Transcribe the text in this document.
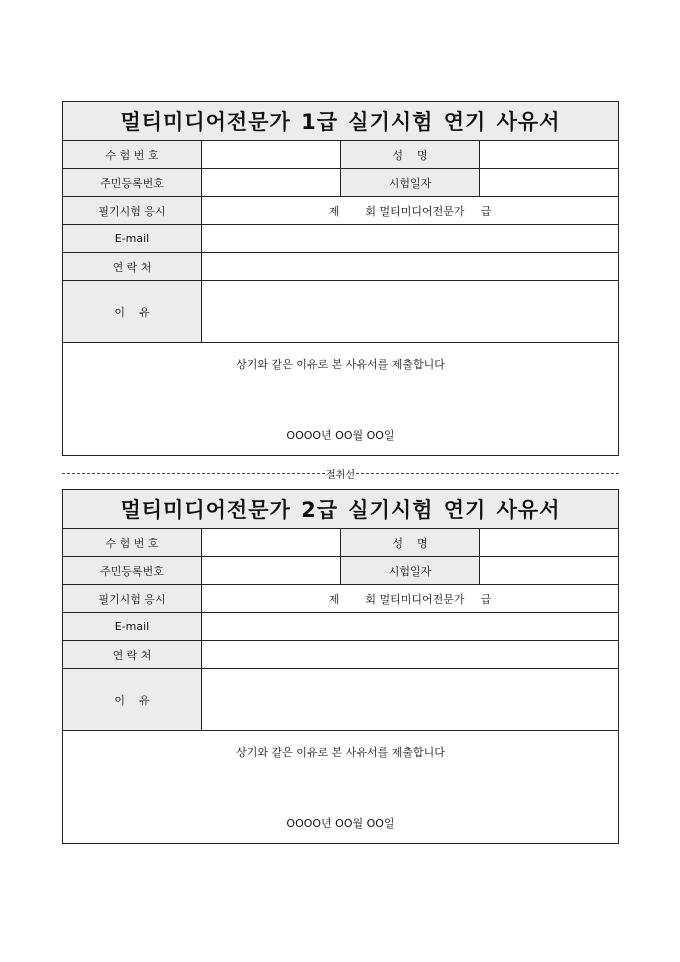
멀티미디어전문가 1급 실기시험 연기 사유서
수 험 번 호	성    명
주민등록번호	시험일자
필기시험 응시	제 회 멀티미디어전문가 급
E-mail
연 락 처
이    유
상기와 같은 이유로 본 사유서를 제출합니다
OOOO년 OO월 OO일
절취선
멀티미디어전문가 2급 실기시험 연기 사유서
수 험 번 호	성    명
주민등록번호	시험일자
필기시험 응시	제 회 멀티미디어전문가 급
E-mail
연 락 처
이    유
상기와 같은 이유로 본 사유서를 제출합니다
OOOO년 OO월 OO일
